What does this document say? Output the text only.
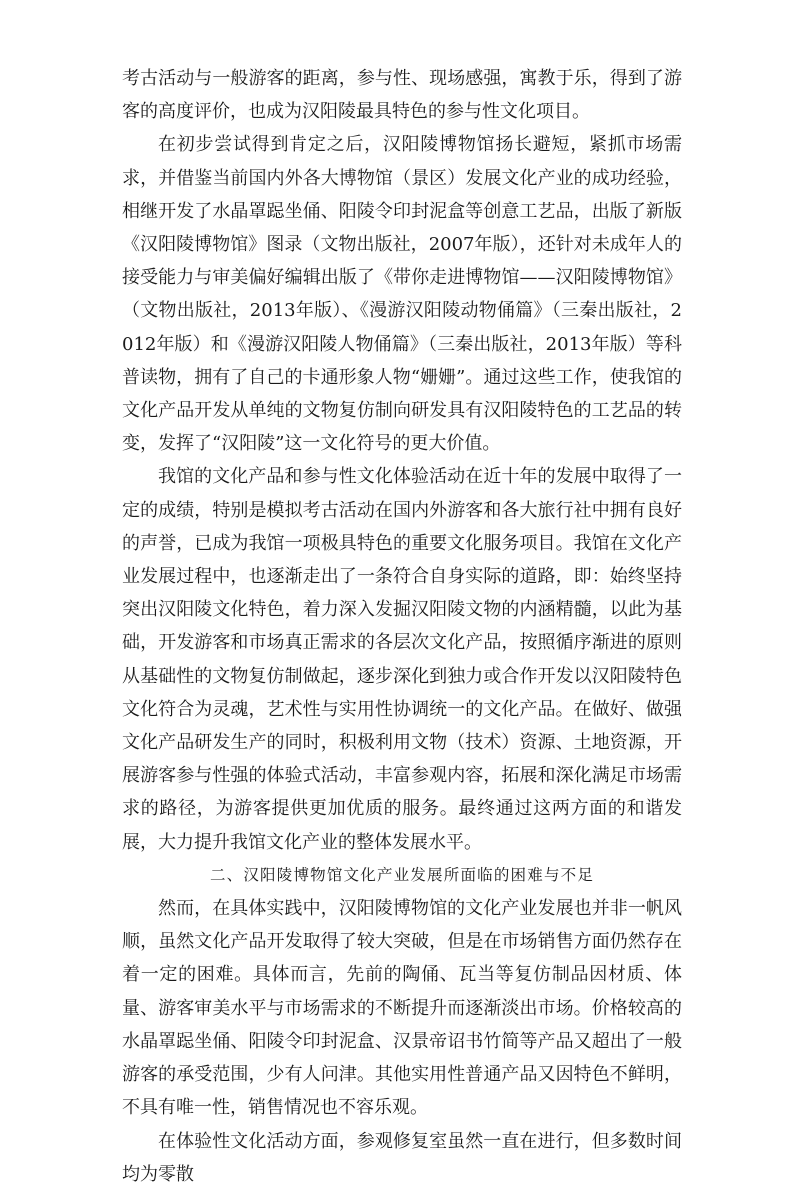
考古活动与一般游客的距离，参与性、现场感强，寓教于乐，得到了游客的高度评价，也成为汉阳陵最具特色的参与性文化项目。

在初步尝试得到肯定之后，汉阳陵博物馆扬长避短，紧抓市场需求，并借鉴当前国内外各大博物馆（景区）发展文化产业的成功经验，相继开发了水晶罩跽坐俑、阳陵令印封泥盒等创意工艺品，出版了新版《汉阳陵博物馆》图录（文物出版社，2007年版），还针对未成年人的接受能力与审美偏好编辑出版了《带你走进博物馆——汉阳陵博物馆》（文物出版社，2013年版）、《漫游汉阳陵动物俑篇》（三秦出版社，2012年版）和《漫游汉阳陵人物俑篇》（三秦出版社，2013年版）等科普读物，拥有了自己的卡通形象人物“姗姗”。通过这些工作，使我馆的文化产品开发从单纯的文物复仿制向研发具有汉阳陵特色的工艺品的转变，发挥了“汉阳陵”这一文化符号的更大价值。

我馆的文化产品和参与性文化体验活动在近十年的发展中取得了一定的成绩，特别是模拟考古活动在国内外游客和各大旅行社中拥有良好的声誉，已成为我馆一项极具特色的重要文化服务项目。我馆在文化产业发展过程中，也逐渐走出了一条符合自身实际的道路，即：始终坚持突出汉阳陵文化特色，着力深入发掘汉阳陵文物的内涵精髓，以此为基础，开发游客和市场真正需求的各层次文化产品，按照循序渐进的原则从基础性的文物复仿制做起，逐步深化到独力或合作开发以汉阳陵特色文化符合为灵魂，艺术性与实用性协调统一的文化产品。在做好、做强文化产品研发生产的同时，积极利用文物（技术）资源、土地资源，开展游客参与性强的体验式活动，丰富参观内容，拓展和深化满足市场需求的路径，为游客提供更加优质的服务。最终通过这两方面的和谐发展，大力提升我馆文化产业的整体发展水平。

二、汉阳陵博物馆文化产业发展所面临的困难与不足

然而，在具体实践中，汉阳陵博物馆的文化产业发展也并非一帆风顺，虽然文化产品开发取得了较大突破，但是在市场销售方面仍然存在着一定的困难。具体而言，先前的陶俑、瓦当等复仿制品因材质、体量、游客审美水平与市场需求的不断提升而逐渐淡出市场。价格较高的水晶罩跽坐俑、阳陵令印封泥盒、汉景帝诏书竹简等产品又超出了一般游客的承受范围，少有人问津。其他实用性普通产品又因特色不鲜明，不具有唯一性，销售情况也不容乐观。

在体验性文化活动方面，参观修复室虽然一直在进行，但多数时间均为零散
